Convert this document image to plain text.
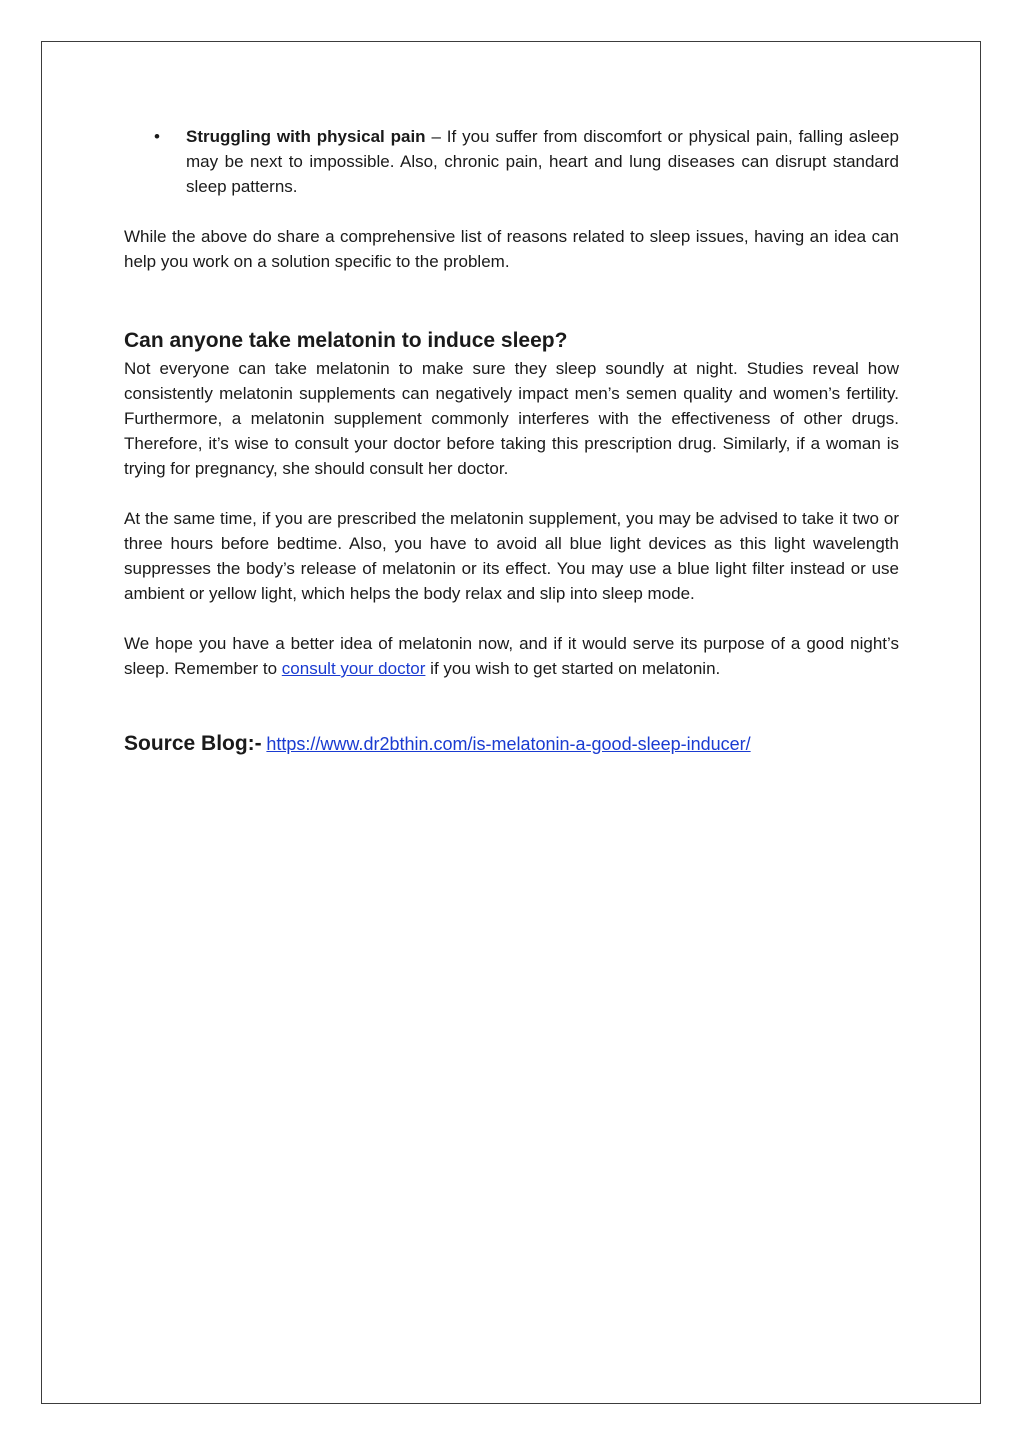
• Struggling with physical pain – If you suffer from discomfort or physical pain, falling asleep may be next to impossible. Also, chronic pain, heart and lung diseases can disrupt standard sleep patterns.

While the above do share a comprehensive list of reasons related to sleep issues, having an idea can help you work on a solution specific to the problem.

Can anyone take melatonin to induce sleep?

Not everyone can take melatonin to make sure they sleep soundly at night. Studies reveal how consistently melatonin supplements can negatively impact men’s semen quality and women’s fertility. Furthermore, a melatonin supplement commonly interferes with the effectiveness of other drugs. Therefore, it’s wise to consult your doctor before taking this prescription drug. Similarly, if a woman is trying for pregnancy, she should consult her doctor.

At the same time, if you are prescribed the melatonin supplement, you may be advised to take it two or three hours before bedtime. Also, you have to avoid all blue light devices as this light wavelength suppresses the body’s release of melatonin or its effect. You may use a blue light filter instead or use ambient or yellow light, which helps the body relax and slip into sleep mode.

We hope you have a better idea of melatonin now, and if it would serve its purpose of a good night’s sleep. Remember to consult your doctor if you wish to get started on melatonin.

Source Blog:- https://www.dr2bthin.com/is-melatonin-a-good-sleep-inducer/
